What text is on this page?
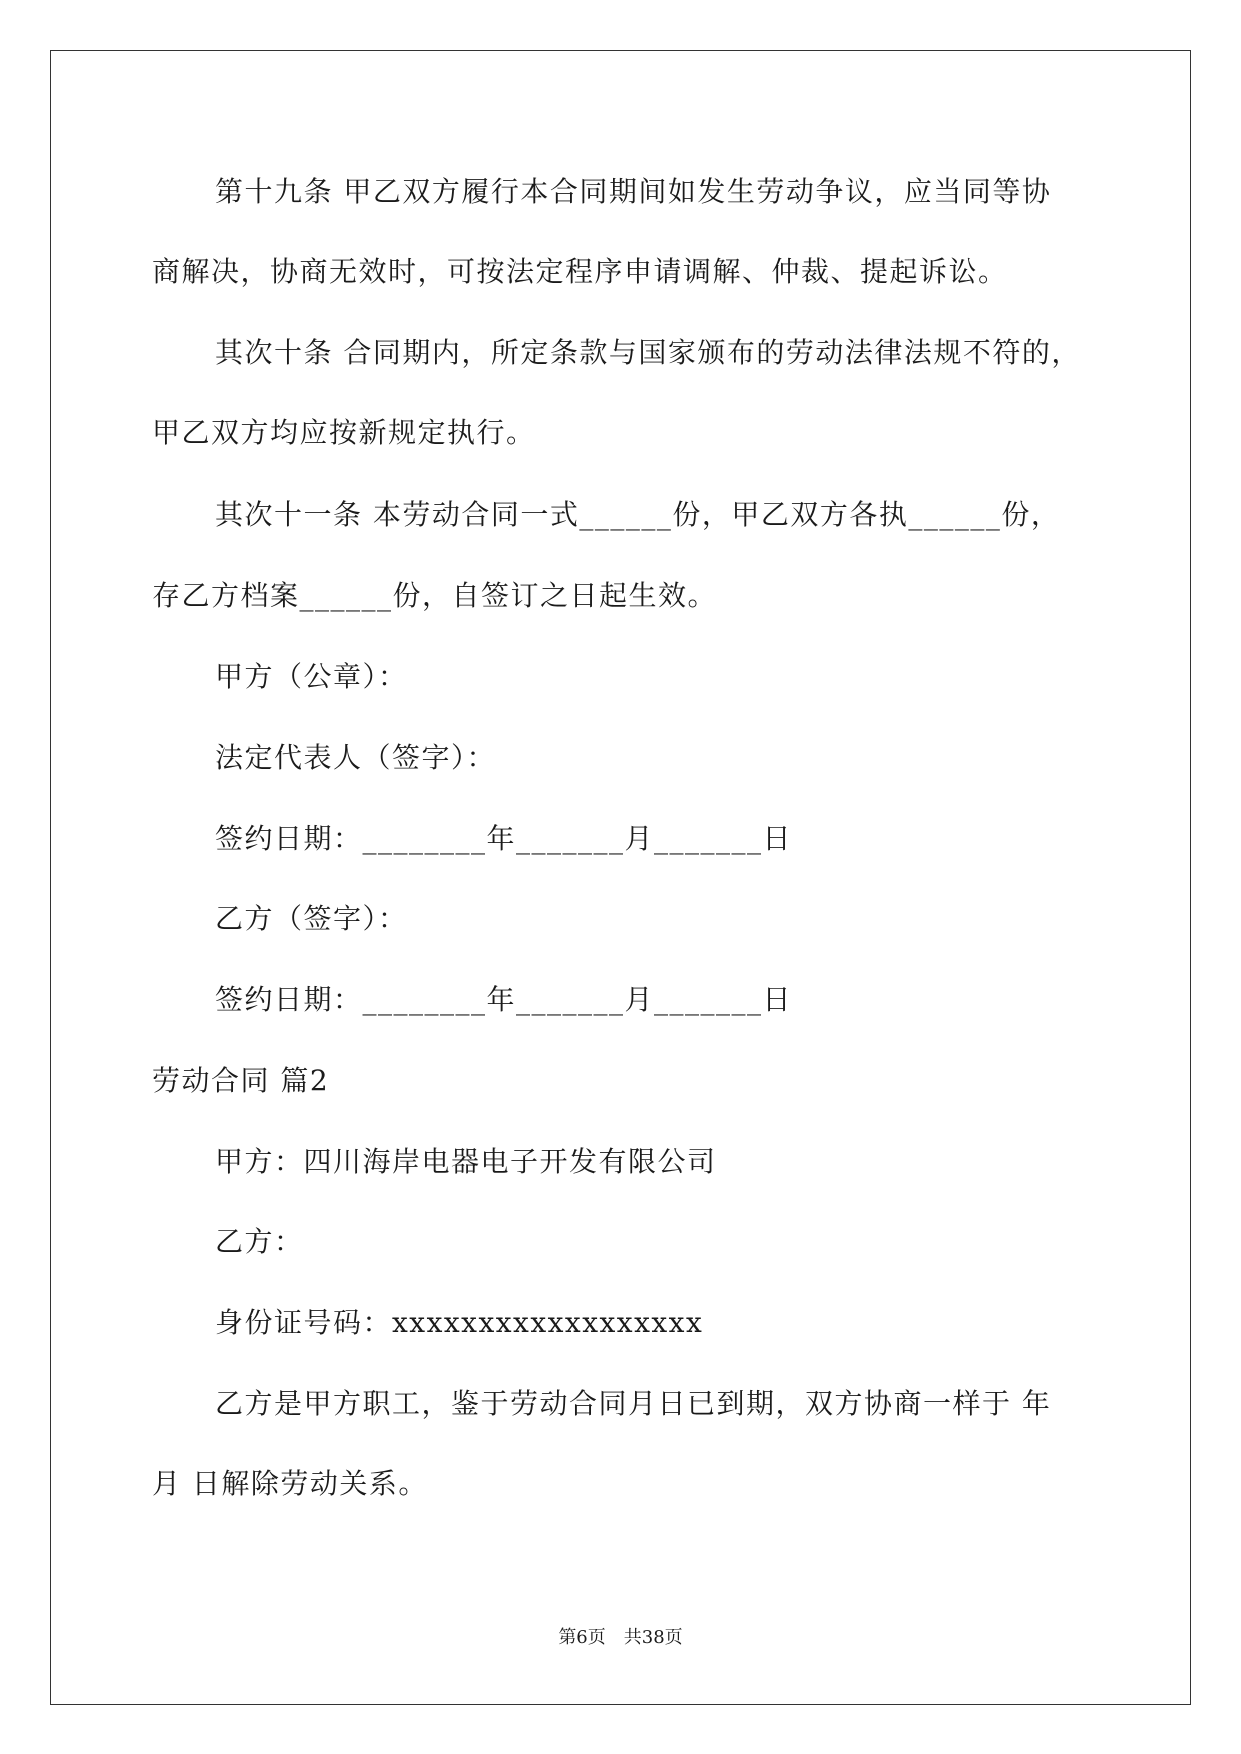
第十九条 甲乙双方履行本合同期间如发生劳动争议，应当同等协
商解决，协商无效时，可按法定程序申请调解、仲裁、提起诉讼。
其次十条 合同期内，所定条款与国家颁布的劳动法律法规不符的，
甲乙双方均应按新规定执行。
其次十一条 本劳动合同一式______份，甲乙双方各执______份，
存乙方档案______份，自签订之日起生效。
甲方（公章）：
法定代表人（签字）：
签约日期：________年_______月_______日
乙方（签字）：
签约日期：________年_______月_______日
劳动合同 篇2
甲方：四川海岸电器电子开发有限公司
乙方：
身份证号码：xxxxxxxxxxxxxxxxxx
乙方是甲方职工，鉴于劳动合同月日已到期，双方协商一样于 年
月 日解除劳动关系。
第6页　共38页
